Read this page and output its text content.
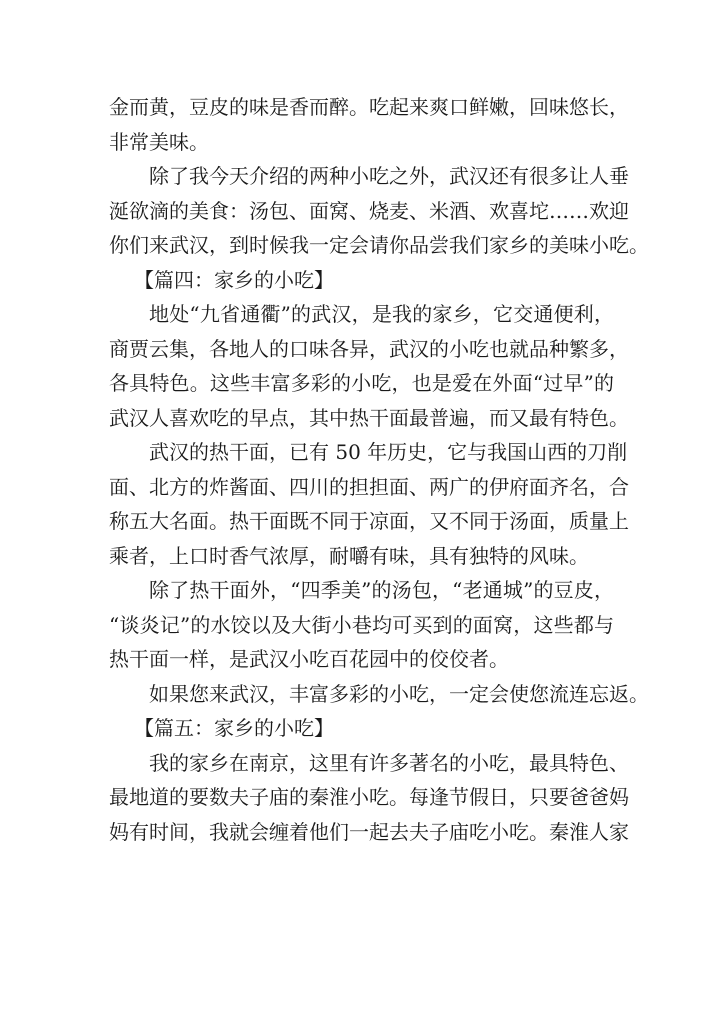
金而黄，豆皮的味是香而醉。吃起来爽口鲜嫩，回味悠长，
非常美味。
除了我今天介绍的两种小吃之外，武汉还有很多让人垂
涎欲滴的美食：汤包、面窝、烧麦、米酒、欢喜坨……欢迎
你们来武汉，到时候我一定会请你品尝我们家乡的美味小吃。
【篇四：家乡的小吃】
地处“九省通衢”的武汉，是我的家乡，它交通便利，
商贾云集，各地人的口味各异，武汉的小吃也就品种繁多，
各具特色。这些丰富多彩的小吃，也是爱在外面“过早”的
武汉人喜欢吃的早点，其中热干面最普遍，而又最有特色。
武汉的热干面，已有 50 年历史，它与我国山西的刀削
面、北方的炸酱面、四川的担担面、两广的伊府面齐名，合
称五大名面。热干面既不同于凉面，又不同于汤面，质量上
乘者，上口时香气浓厚，耐嚼有味，具有独特的风味。
除了热干面外，“四季美”的汤包，“老通城”的豆皮，
“谈炎记”的水饺以及大街小巷均可买到的面窝，这些都与
热干面一样，是武汉小吃百花园中的佼佼者。
如果您来武汉，丰富多彩的小吃，一定会使您流连忘返。
【篇五：家乡的小吃】
我的家乡在南京，这里有许多著名的小吃，最具特色、
最地道的要数夫子庙的秦淮小吃。每逢节假日，只要爸爸妈
妈有时间，我就会缠着他们一起去夫子庙吃小吃。秦淮人家
